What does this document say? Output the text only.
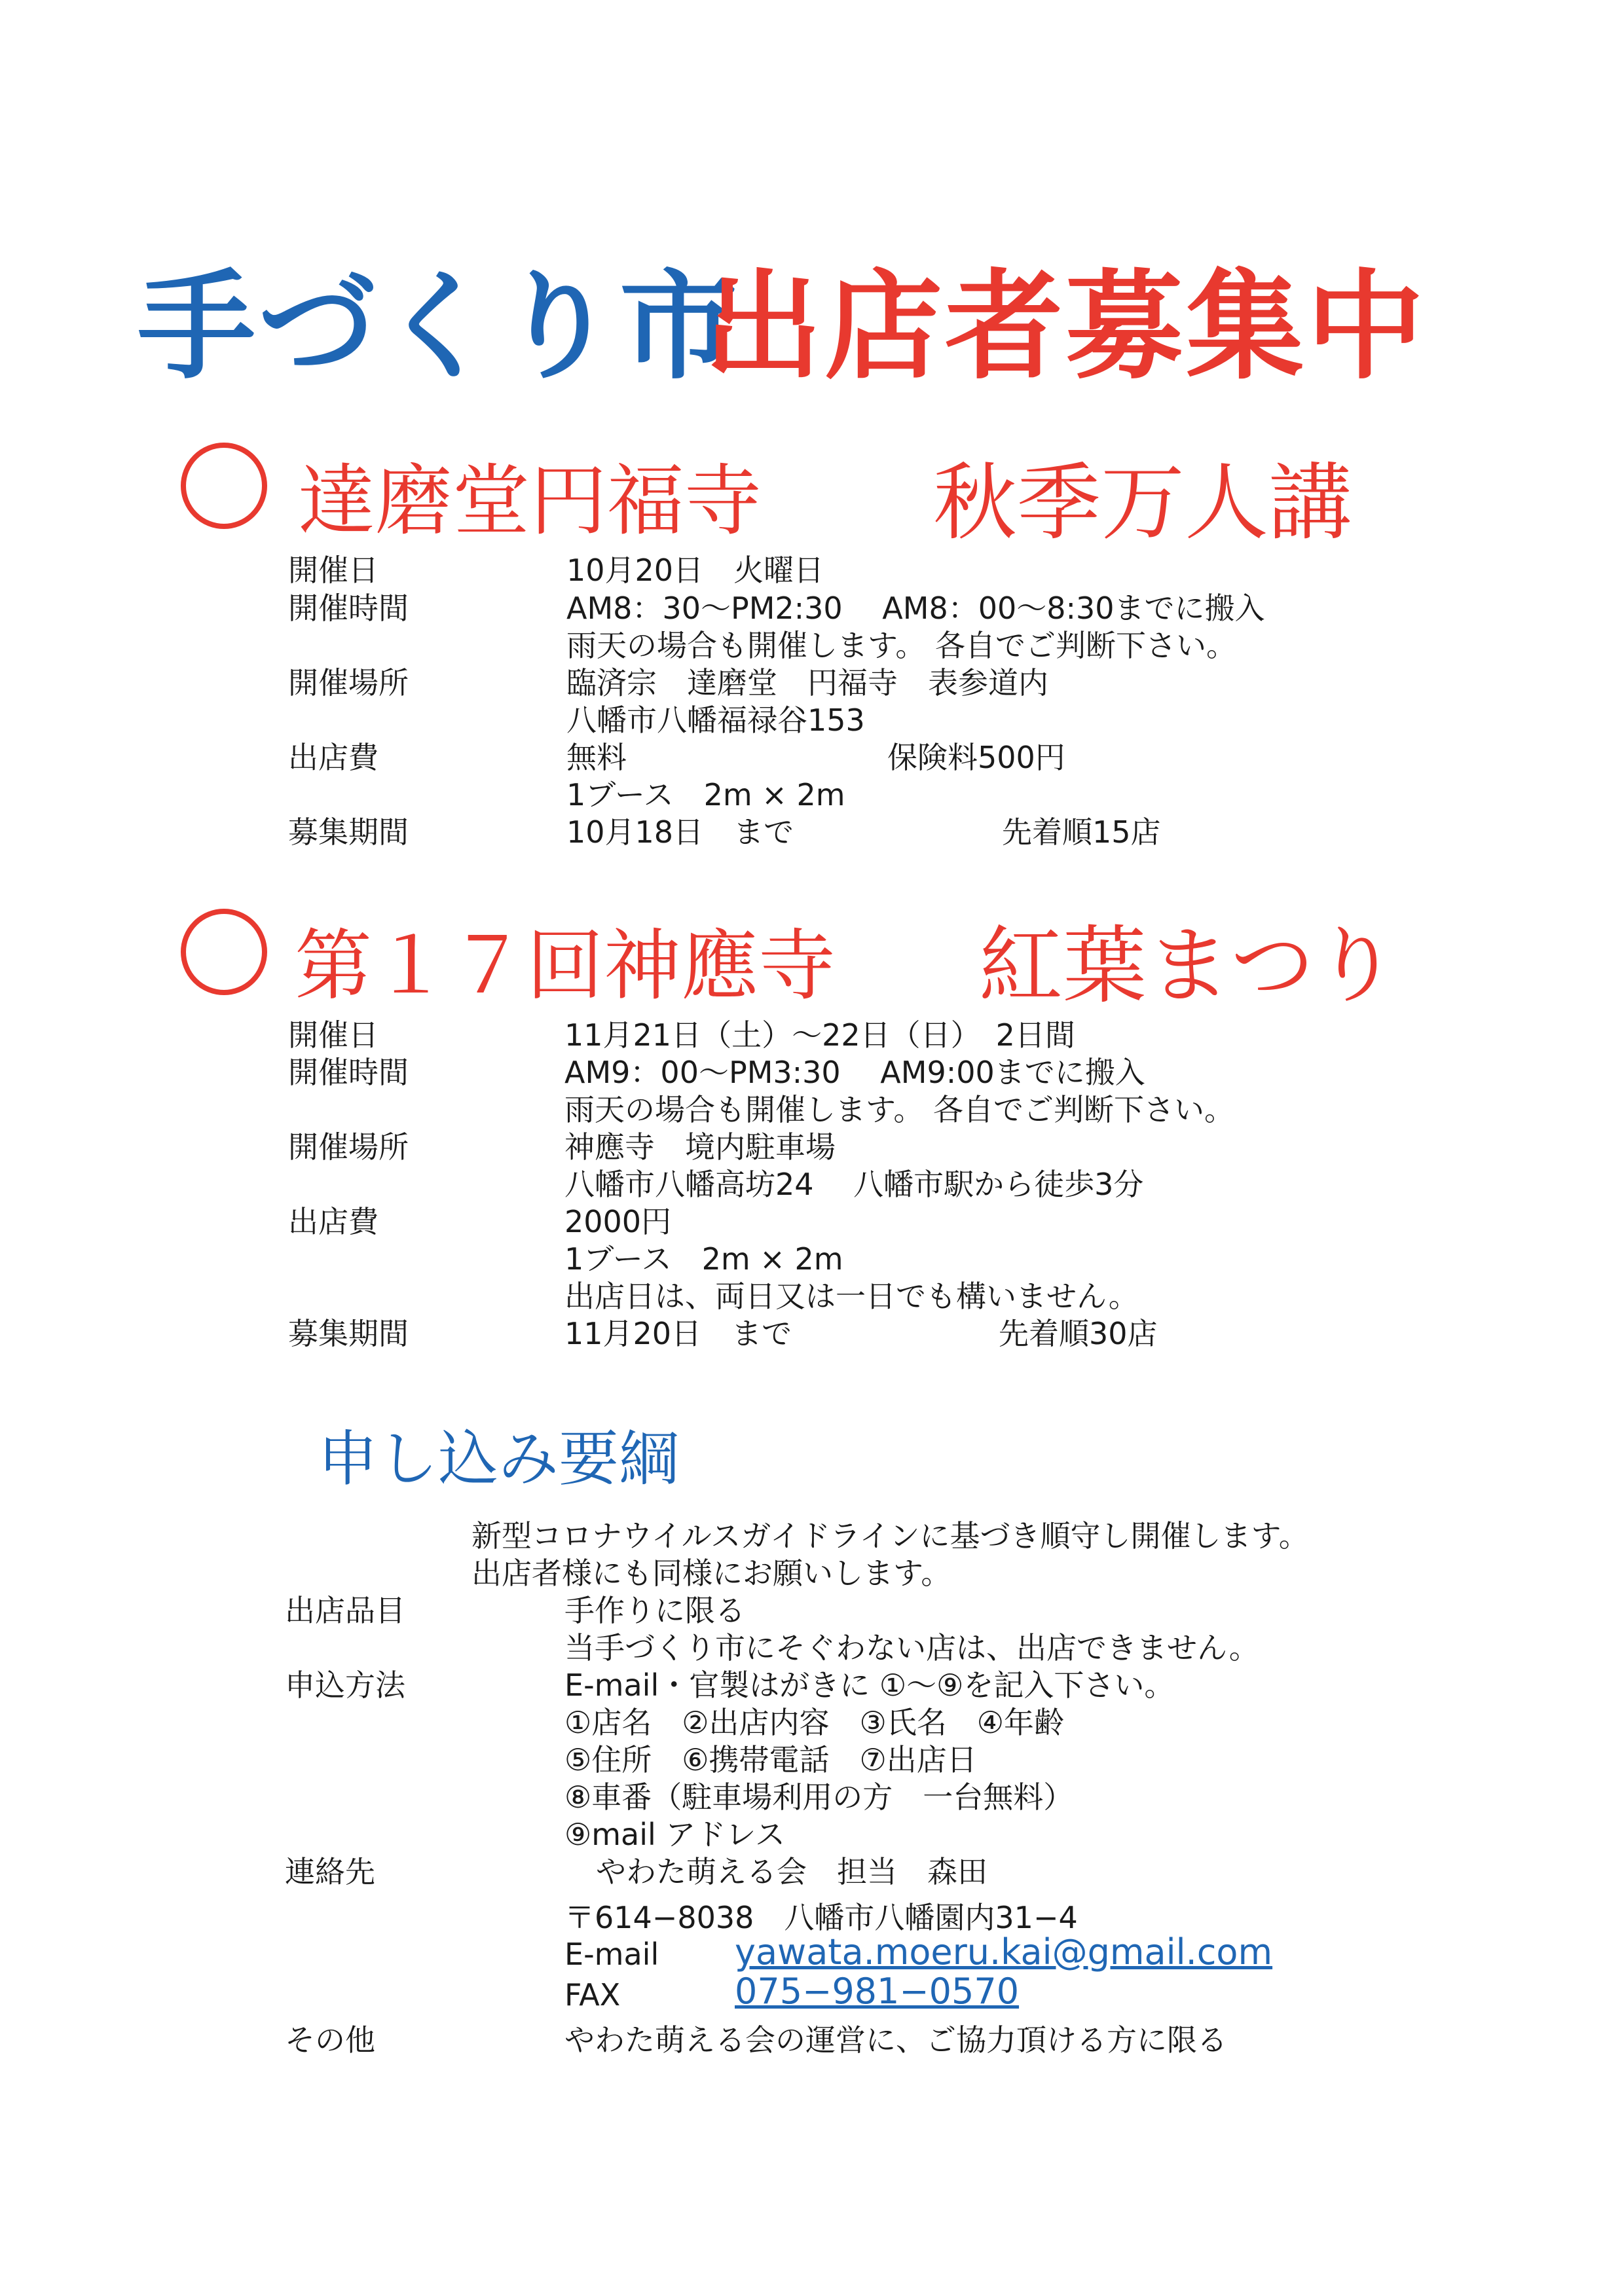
手づくり市
出店者募集中
達磨堂円福寺 秋季万人講
開催日	10月20日　火曜日
開催時間	AM8：30～PM2:30　 AM8：00～8:30までに搬入
雨天の場合も開催します。 各自でご判断下さい。
開催場所	臨済宗　達磨堂　円福寺　表参道内
八幡市八幡福禄谷153
出店費	無料	保険料500円
1ブース　2m × 2m
募集期間	10月18日　まで	先着順15店
第１７回神應寺 紅葉まつり
開催日	11月21日（土）～22日（日）　2日間
開催時間	AM9：00～PM3:30　 AM9:00までに搬入
雨天の場合も開催します。 各自でご判断下さい。
開催場所	神應寺　境内駐車場
八幡市八幡高坊24　 八幡市駅から徒歩3分
出店費	2000円
1ブース　2m × 2m
出店日は、両日又は一日でも構いません。
募集期間	11月20日　まで	先着順30店
申し込み要綱
新型コロナウイルスガイドラインに基づき順守し開催します。
出店者様にも同様にお願いします。
出店品目	手作りに限る
当手づくり市にそぐわない店は、出店できません。
申込方法	E-mail・官製はがきに ①～⑨を記入下さい。
①店名　②出店内容　③氏名　④年齢
⑤住所　⑥携帯電話　⑦出店日
⑧車番（駐車場利用の方　一台無料）
⑨mail アドレス
連絡先	やわた萌える会　担当　森田
〒614−8038　八幡市八幡園内31−4
E-mail yawata.moeru.kai@gmail.com
FAX	075−981−0570
その他	やわた萌える会の運営に、ご協力頂ける方に限る
